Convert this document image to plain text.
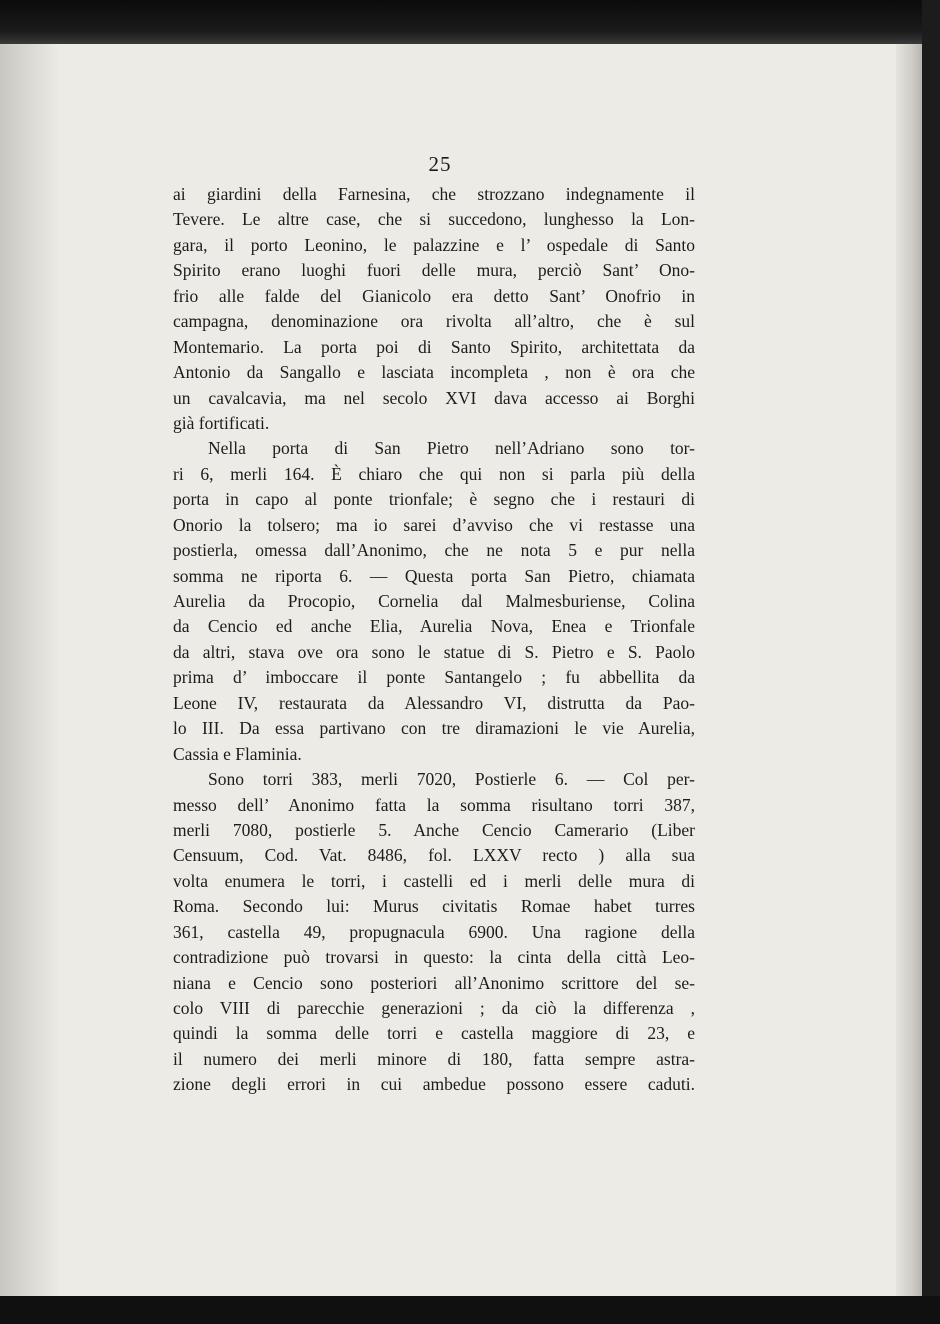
25
ai giardini della Farnesina, che strozzano indegnamente il
Tevere. Le altre case, che si succedono, lunghesso la Lon-
gara, il porto Leonino, le palazzine e l’ ospedale di Santo
Spirito erano luoghi fuori delle mura, perciò Sant’ Ono-
frio alle falde del Gianicolo era detto Sant’ Onofrio in
campagna, denominazione ora rivolta all’altro, che è sul
Montemario. La porta poi di Santo Spirito, architettata da
Antonio da Sangallo e lasciata incompleta , non è ora che
un cavalcavia, ma nel secolo XVI dava accesso ai Borghi
già fortificati.
Nella porta di San Pietro nell’Adriano sono tor-
ri 6, merli 164. È chiaro che qui non si parla più della
porta in capo al ponte trionfale; è segno che i restauri di
Onorio la tolsero; ma io sarei d’avviso che vi restasse una
postierla, omessa dall’Anonimo, che ne nota 5 e pur nella
somma ne riporta 6. — Questa porta San Pietro, chiamata
Aurelia da Procopio, Cornelia dal Malmesburiense, Colina
da Cencio ed anche Elia, Aurelia Nova, Enea e Trionfale
da altri, stava ove ora sono le statue di S. Pietro e S. Paolo
prima d’ imboccare il ponte Santangelo ; fu abbellita da
Leone IV, restaurata da Alessandro VI, distrutta da Pao-
lo III. Da essa partivano con tre diramazioni le vie Aurelia,
Cassia e Flaminia.
Sono torri 383, merli 7020, Postierle 6. — Col per-
messo dell’ Anonimo fatta la somma risultano torri 387,
merli 7080, postierle 5. Anche Cencio Camerario (Liber
Censuum, Cod. Vat. 8486, fol. LXXV recto ) alla sua
volta enumera le torri, i castelli ed i merli delle mura di
Roma. Secondo lui: Murus civitatis Romae habet turres
361, castella 49, propugnacula 6900. Una ragione della
contradizione può trovarsi in questo: la cinta della città Leo-
niana e Cencio sono posteriori all’Anonimo scrittore del se-
colo VIII di parecchie generazioni ; da ciò la differenza ,
quindi la somma delle torri e castella maggiore di 23, e
il numero dei merli minore di 180, fatta sempre astra-
zione degli errori in cui ambedue possono essere caduti.
